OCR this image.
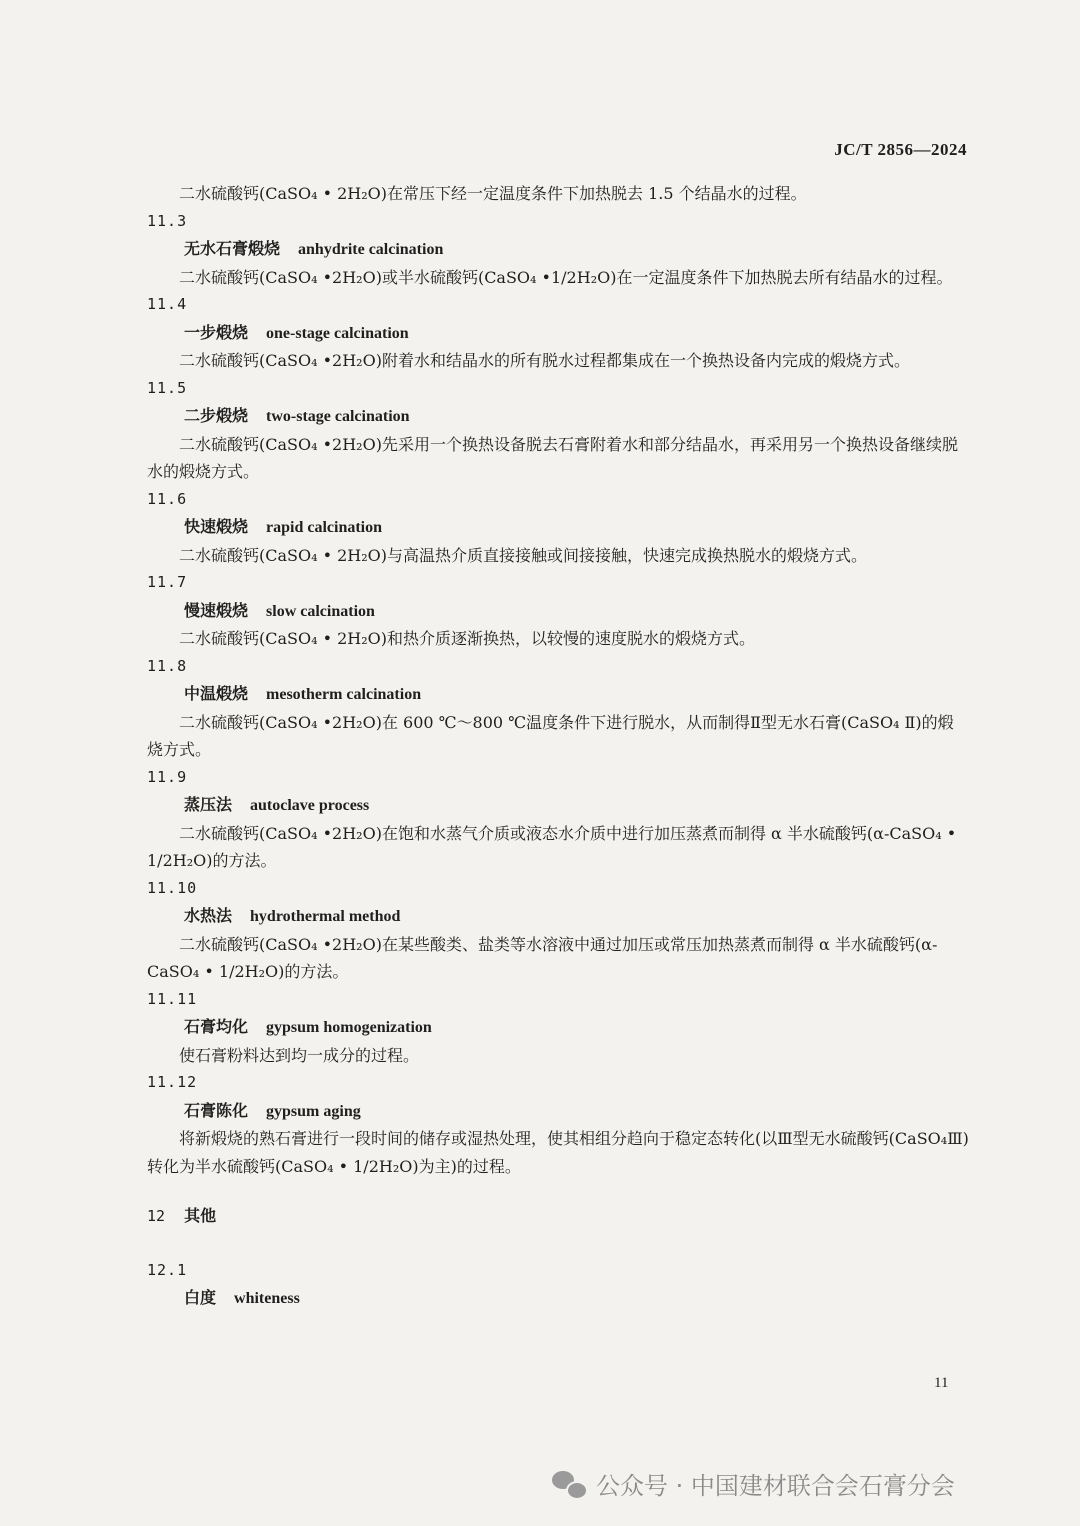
JC/T 2856—2024

二水硫酸钙(CaSO₄ • 2H₂O)在常压下经一定温度条件下加热脱去 1.5 个结晶水的过程。

11.3
无水石膏煅烧 anhydrite calcination

二水硫酸钙(CaSO₄ •2H₂O)或半水硫酸钙(CaSO₄ •1/2H₂O)在一定温度条件下加热脱去所有结晶水的过程。

11.4
一步煅烧 one-stage calcination

二水硫酸钙(CaSO₄ •2H₂O)附着水和结晶水的所有脱水过程都集成在一个换热设备内完成的煅烧方式。

11.5
二步煅烧 two-stage calcination

二水硫酸钙(CaSO₄ •2H₂O)先采用一个换热设备脱去石膏附着水和部分结晶水，再采用另一个换热设备继续脱水的煅烧方式。

11.6
快速煅烧 rapid calcination

二水硫酸钙(CaSO₄ • 2H₂O)与高温热介质直接接触或间接接触，快速完成换热脱水的煅烧方式。

11.7
慢速煅烧 slow calcination

二水硫酸钙(CaSO₄ • 2H₂O)和热介质逐渐换热，以较慢的速度脱水的煅烧方式。

11.8
中温煅烧 mesotherm calcination

二水硫酸钙(CaSO₄ •2H₂O)在 600 ℃～800 ℃温度条件下进行脱水，从而制得Ⅱ型无水石膏(CaSO₄ Ⅱ)的煅烧方式。

11.9
蒸压法 autoclave process

二水硫酸钙(CaSO₄ •2H₂O)在饱和水蒸气介质或液态水介质中进行加压蒸煮而制得 α 半水硫酸钙(α-CaSO₄ • 1/2H₂O)的方法。

11.10
水热法 hydrothermal method

二水硫酸钙(CaSO₄ •2H₂O)在某些酸类、盐类等水溶液中通过加压或常压加热蒸煮而制得 α 半水硫酸钙(α-CaSO₄ • 1/2H₂O)的方法。

11.11
石膏均化 gypsum homogenization

使石膏粉料达到均一成分的过程。

11.12
石膏陈化 gypsum aging

将新煅烧的熟石膏进行一段时间的储存或湿热处理，使其相组分趋向于稳定态转化(以Ⅲ型无水硫酸钙(CaSO₄Ⅲ)转化为半水硫酸钙(CaSO₄ • 1/2H₂O)为主)的过程。

12 其他
12.1
白度 whiteness
11
公众号 · 中国建材联合会石膏分会
